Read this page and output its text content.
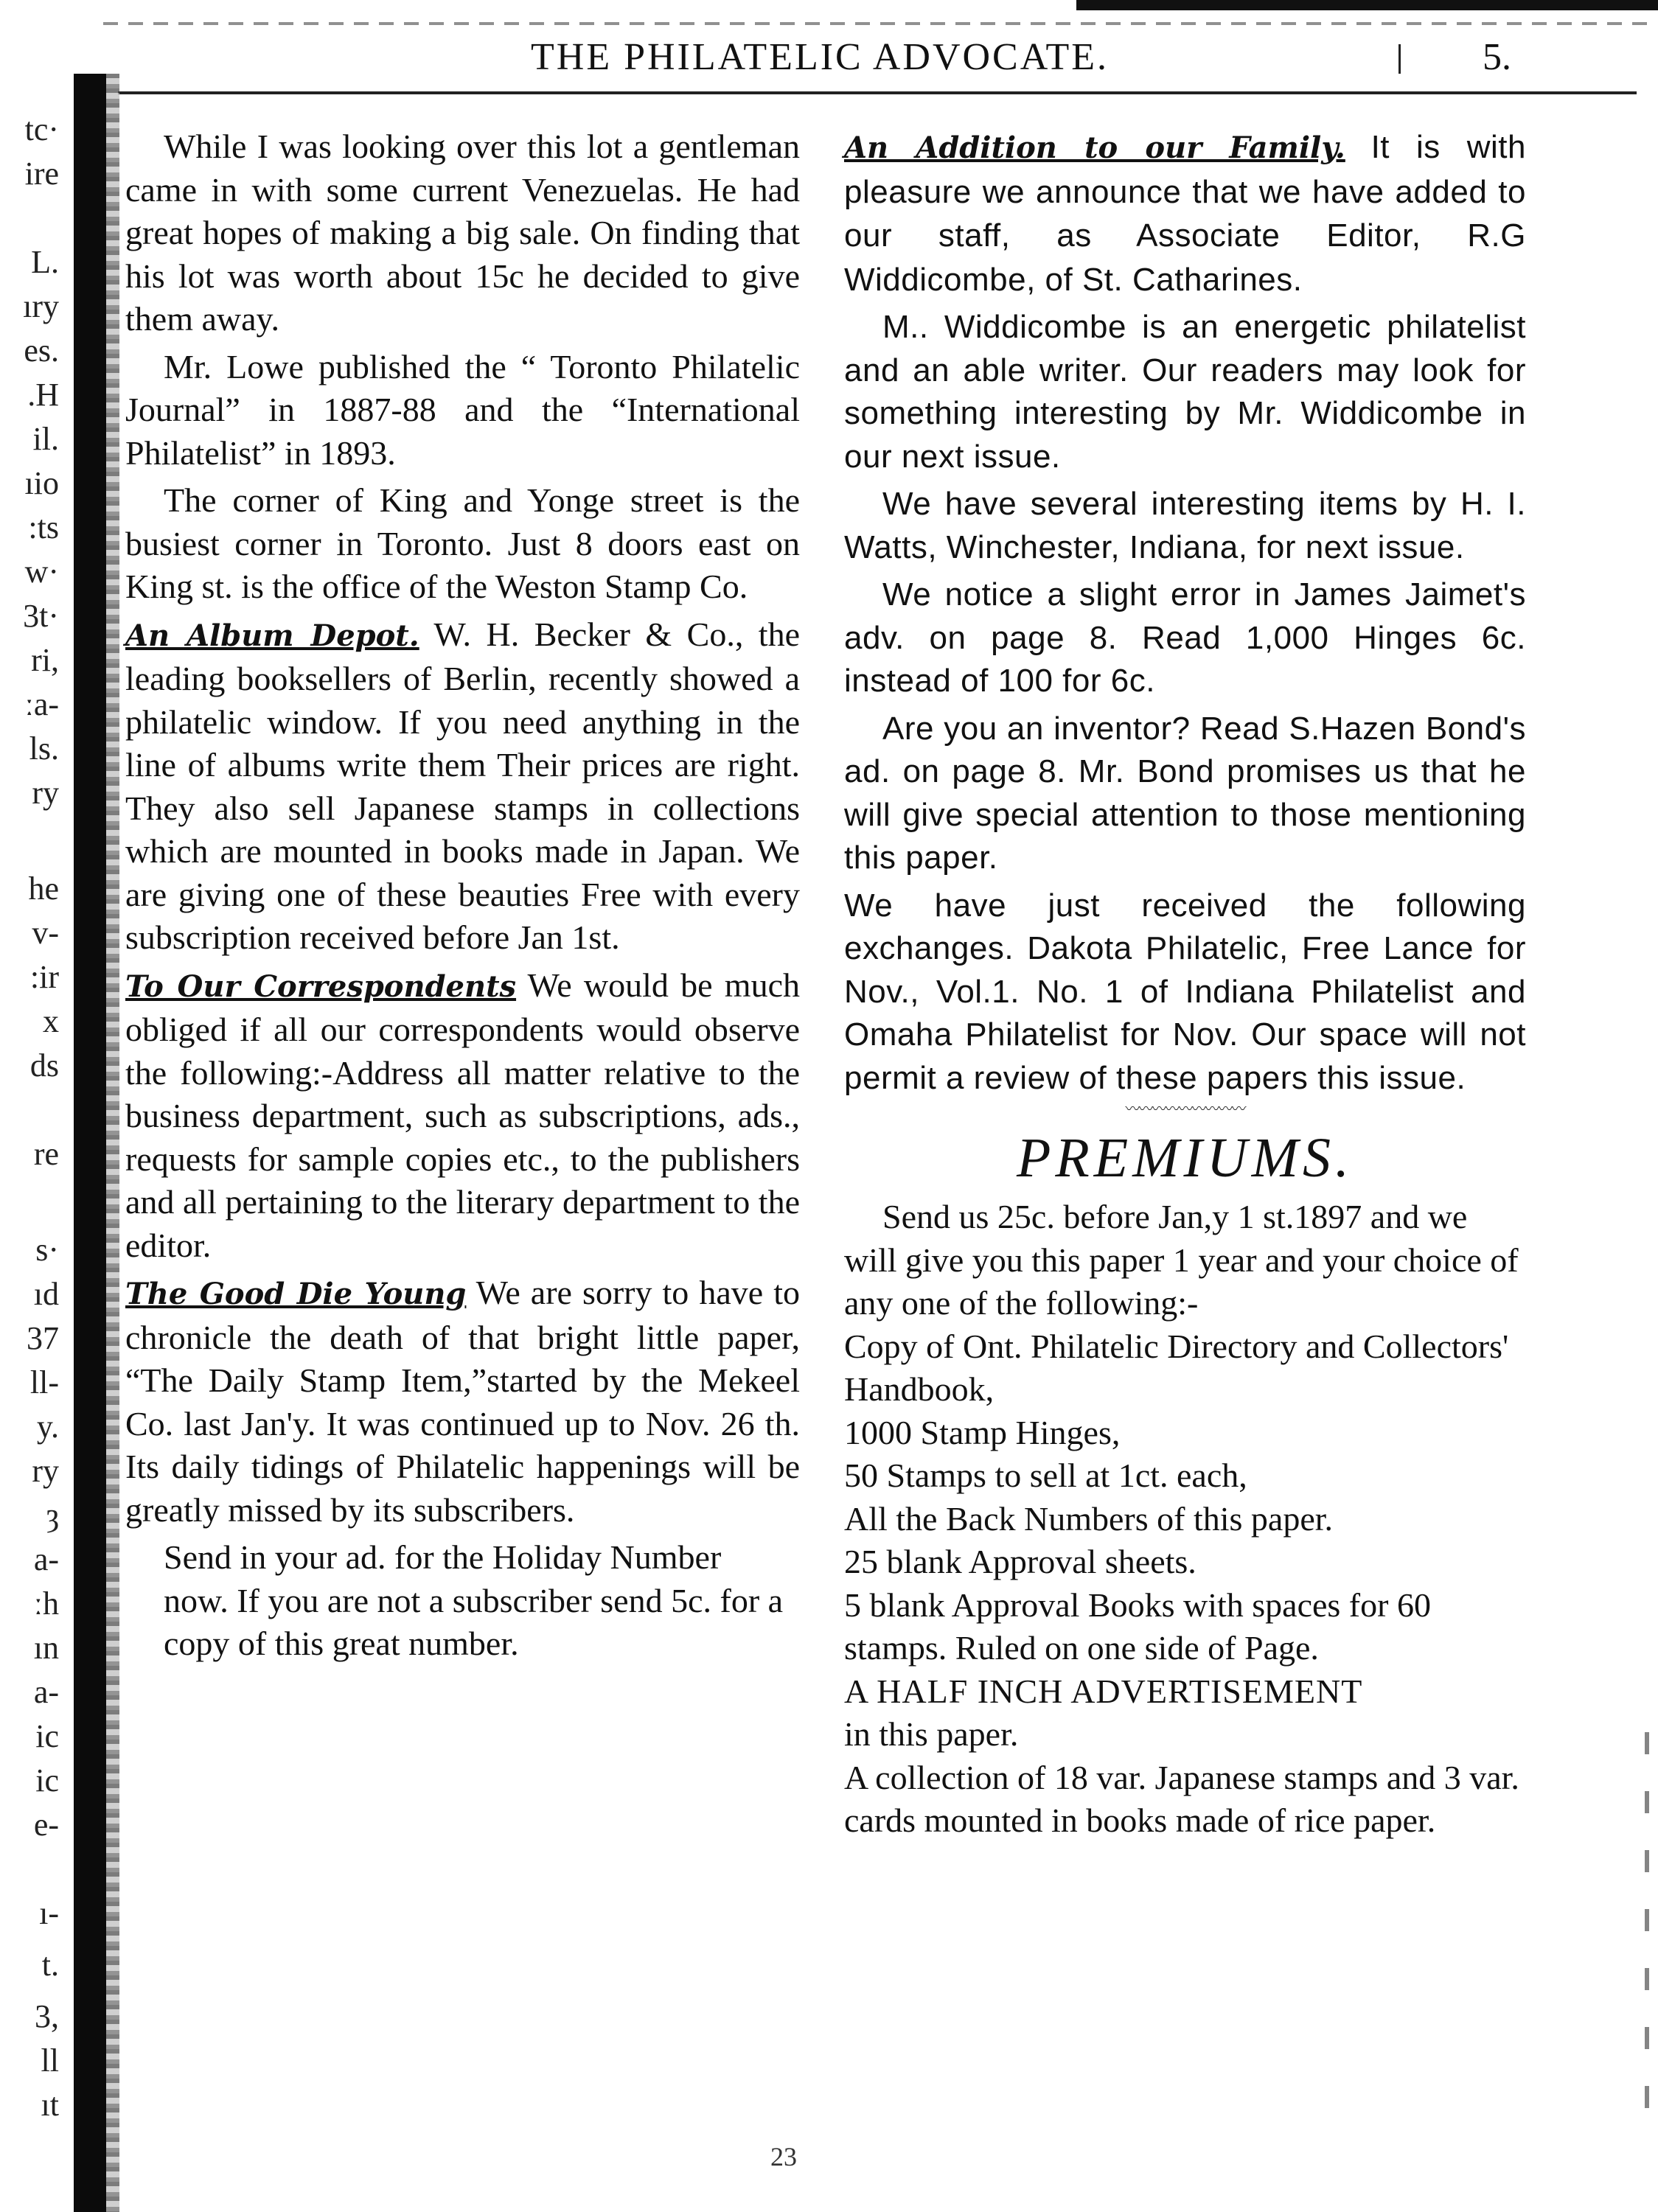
THE PHILATELIC ADVOCATE.	5.
tc·
ire
L.
ıry
es.
.H
il.
ıio
:ts
w·
3t·
ri,
ːa-
ls.
ry
he
v-
:ir
x
ds
re
s·
ıd
37
ll-
y.
ry
ȝ
a-
ːh
ın
a-
ic
ic
e-
ı-
t.
3,
ll
ıt

While I was looking over this lot a gentleman came in with some current Venezuelas. He had great hopes of making a big sale. On finding that his lot was worth about 15c he decided to give them away.

Mr. Lowe published the “ Toronto Philatelic Journal” in 1887-88 and the “International Philatelist” in 1893.

The corner of King and Yonge street is the busiest corner in Toronto. Just 8 doors east on King st. is the office of the Weston Stamp Co.

An Album Depot. W. H. Becker & Co., the leading booksellers of Berlin, recently showed a philatelic window. If you need anything in the line of albums write them Their prices are right. They also sell Japanese stamps in collections which are mounted in books made in Japan. We are giving one of these beauties Free with every subscription received before Jan 1st.

To Our Correspondents We would be much obliged if all our correspondents would observe the following:-Address all matter relative to the business department, such as subscriptions, ads., requests for sample copies etc., to the publishers and all pertaining to the literary department to the editor.

The Good Die Young We are sorry to have to chronicle the death of that bright little paper, “The Daily Stamp Item,”started by the Mekeel Co. last Jan'y. It was continued up to Nov. 26 th. Its daily tidings of Philatelic happenings will be greatly missed by its subscribers.

Send in your ad. for the Holiday Number now. If you are not a subscriber send 5c. for a copy of this great number.

An Addition to our Family. It is with pleasure we announce that we have added to our staff, as Associate Editor, R.G Widdicombe, of St. Catharines.

M.. Widdicombe is an energetic philatelist and an able writer. Our readers may look for something interesting by Mr. Widdicombe in our next issue.

We have several interesting items by H. I. Watts, Winchester, Indiana, for next issue.

We notice a slight error in James Jaimet's adv. on page 8. Read 1,000 Hinges 6c. instead of 100 for 6c.

Are you an inventor? Read S.Hazen Bond's ad. on page 8. Mr. Bond promises us that he will give special attention to those mentioning this paper.

We have just received the following exchanges. Dakota Philatelic, Free Lance for Nov., Vol.1. No. 1 of Indiana Philatelist and Omaha Philatelist for Nov. Our space will not permit a review of these papers this issue.

〰〰〰〰〰〰〰〰〰
PREMIUMS.

Send us 25c. before Jan,y 1 st.1897 and we will give you this paper 1 year and your choice of any one of the following:-

Copy of Ont. Philatelic Directory and Collectors' Handbook,

1000 Stamp Hinges,

50 Stamps to sell at 1ct. each,

All the Back Numbers of this paper.

25 blank Approval sheets.

5 blank Approval Books with spaces for 60 stamps. Ruled on one side of Page.

A HALF INCH ADVERTISEMENT

in this paper.

A collection of 18 var. Japanese stamps and 3 var. cards mounted in books made of rice paper.

23
